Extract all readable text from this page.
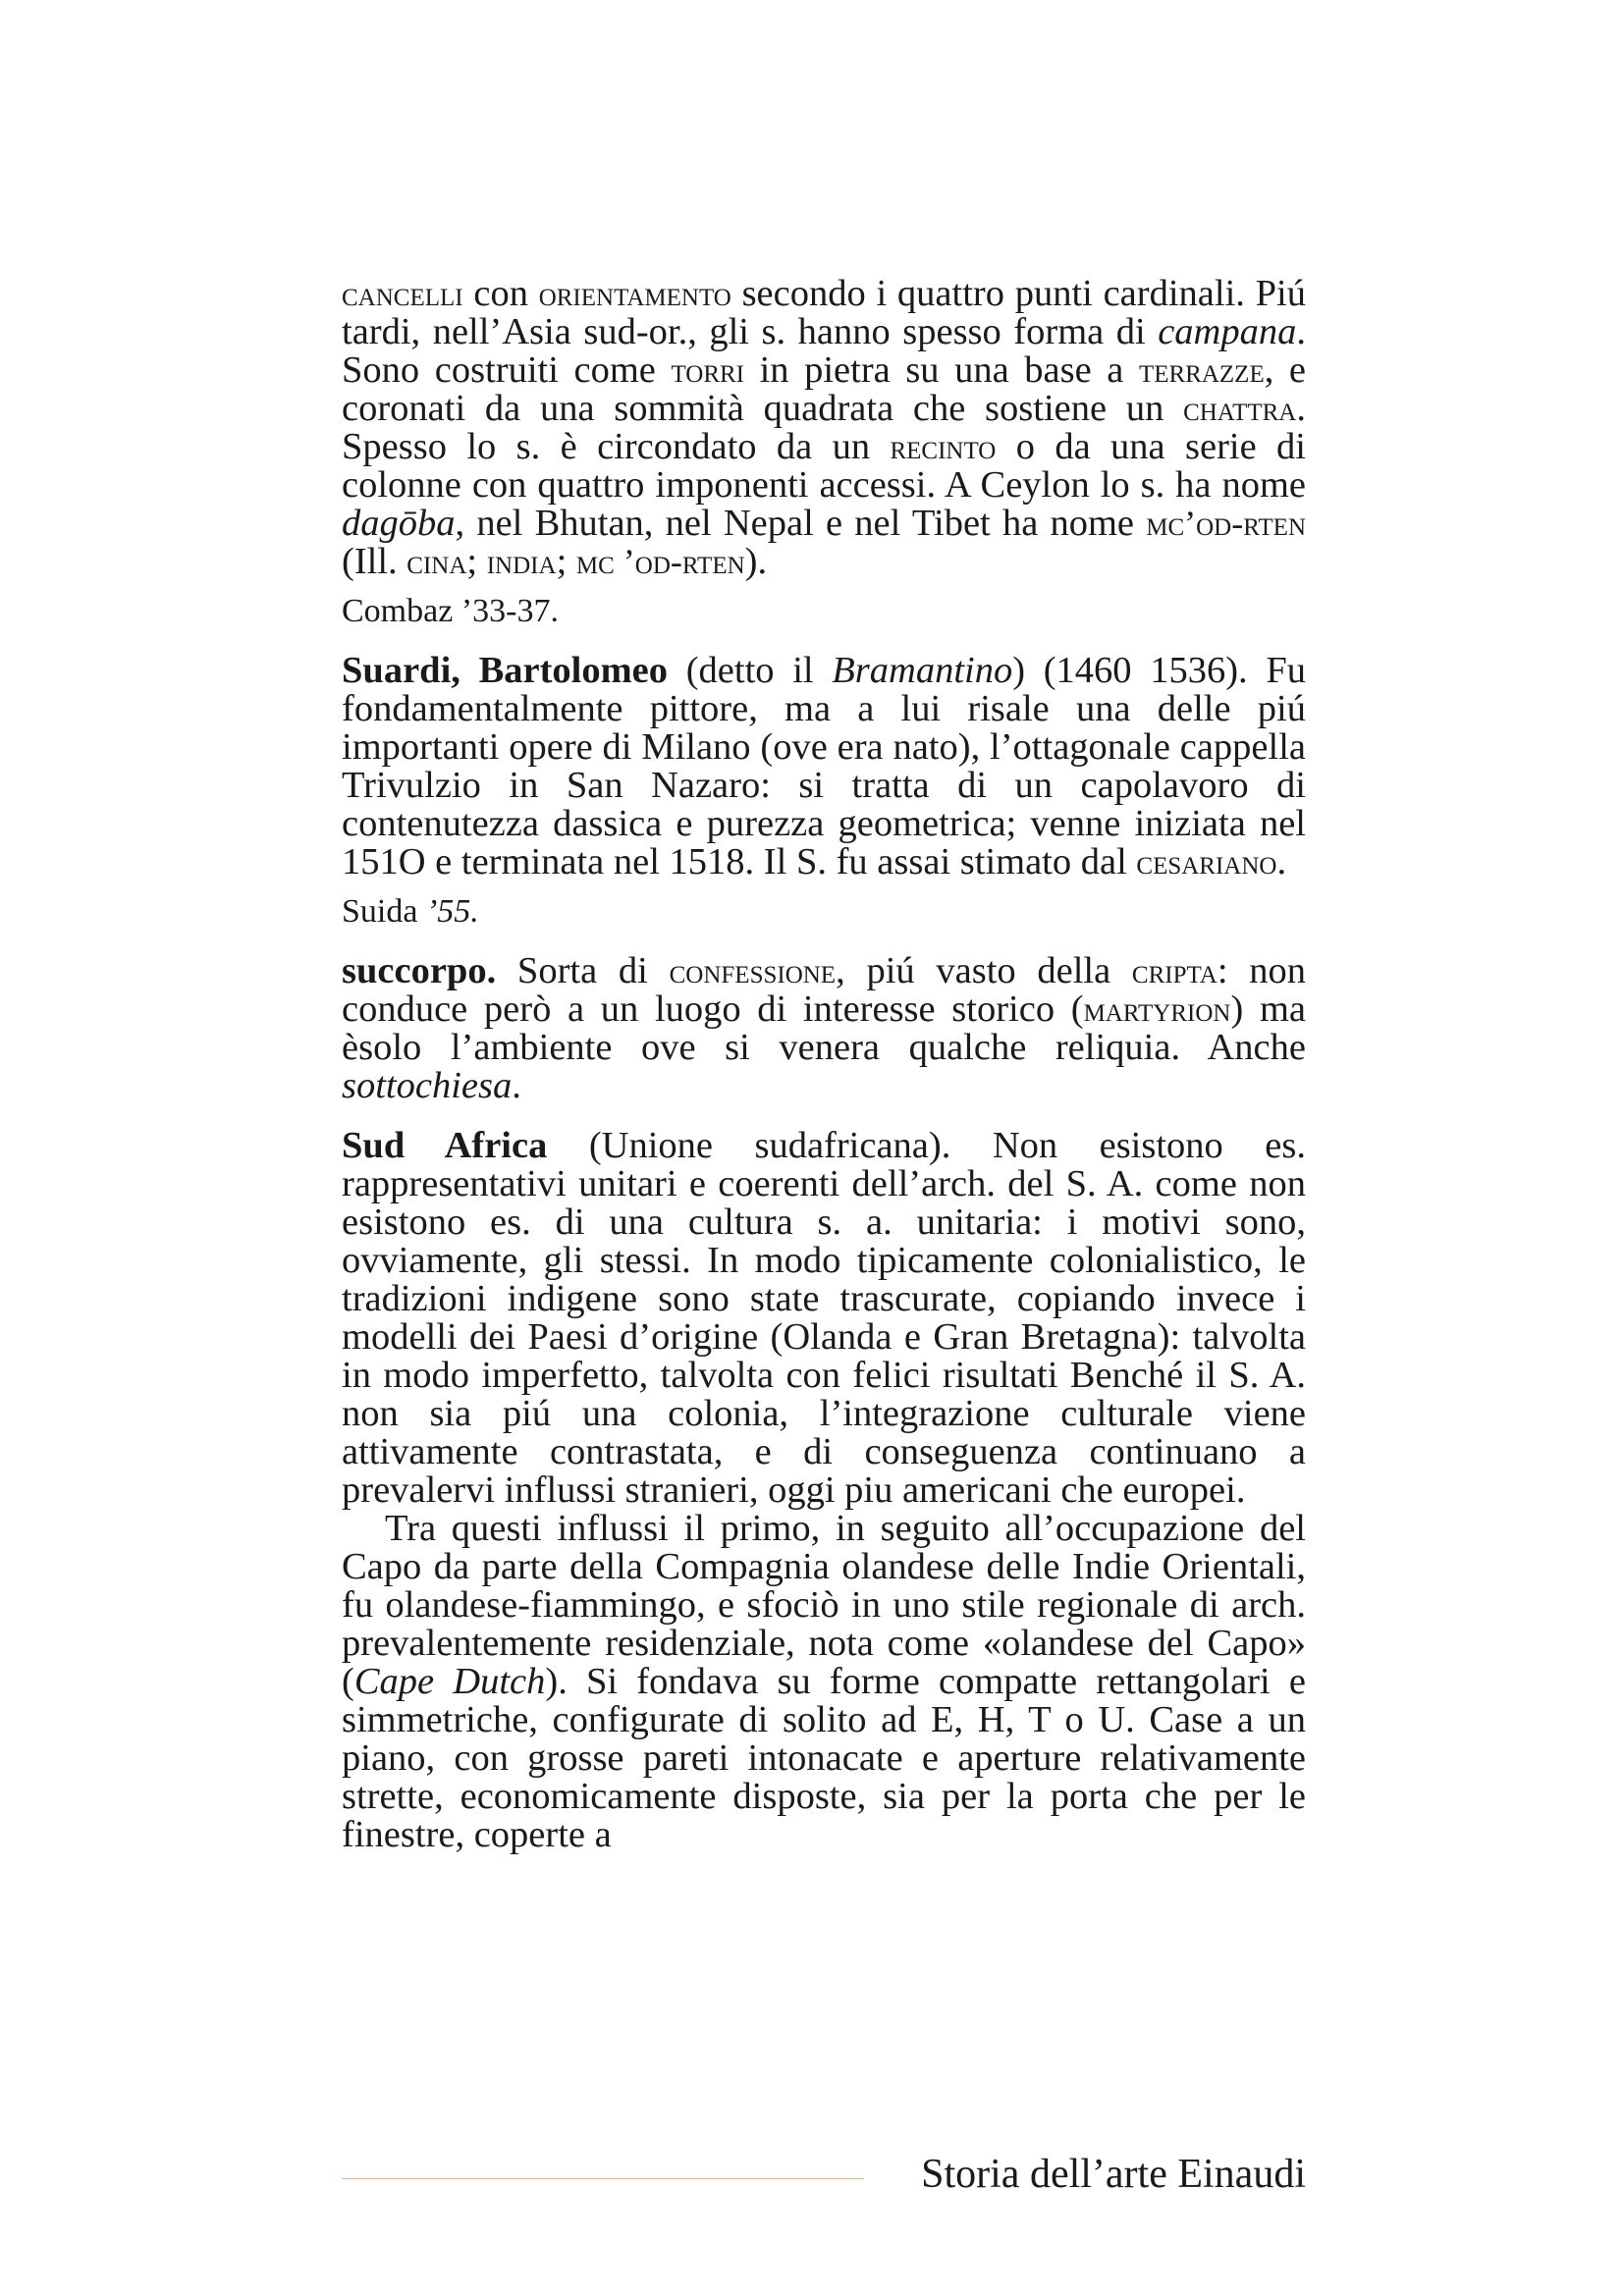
cancelli con orientamento secondo i quattro punti cardinali. Piú tardi, nell’Asia sud-or., gli s. hanno spesso forma di campana. Sono costruiti come torri in pietra su una base a terrazze, e coronati da una sommità quadrata che sostiene un chattra. Spesso lo s. è circondato da un recinto o da una serie di colonne con quattro imponenti accessi. A Ceylon lo s. ha nome dagōba, nel Bhutan, nel Nepal e nel Tibet ha nome mc’od-rten (Ill. cina; india; mc ’od-rten).

Combaz ’33-37.

Suardi, Bartolomeo (detto il Bramantino) (1460 1536). Fu fondamentalmente pittore, ma a lui risale una delle piú importanti opere di Milano (ove era nato), l’ottagonale cappella Trivulzio in San Nazaro: si tratta di un capolavoro di contenutezza dassica e purezza geometrica; venne iniziata nel 151O e terminata nel 1518. Il S. fu assai stimato dal cesariano.

Suida ’55.

succorpo. Sorta di confessione, piú vasto della cripta: non conduce però a un luogo di interesse storico (martyrion) ma èsolo l’ambiente ove si venera qualche reliquia. Anche sottochiesa.

Sud Africa (Unione sudafricana). Non esistono es. rappresentativi unitari e coerenti dell’arch. del S. A. come non esistono es. di una cultura s. a. unitaria: i motivi sono, ovviamente, gli stessi. In modo tipicamente colonialistico, le tradizioni indigene sono state trascurate, copiando invece i modelli dei Paesi d’origine (Olanda e Gran Bretagna): talvolta in modo imperfetto, talvolta con felici risultati Benché il S. A. non sia piú una colonia, l’integrazione culturale viene attivamente contrastata, e di conseguenza continuano a prevalervi influssi stranieri, oggi piu americani che europei.

Tra questi influssi il primo, in seguito all’occupazione del Capo da parte della Compagnia olandese delle Indie Orientali, fu olandese-fiammingo, e sfociò in uno stile regionale di arch. prevalentemente residenziale, nota come «olandese del Capo» (Cape Dutch). Si fondava su forme compatte rettangolari e simmetriche, configurate di solito ad E, H, T o U. Case a un piano, con grosse pareti intonacate e aperture relativamente strette, economicamente disposte, sia per la porta che per le finestre, coperte a

Storia dell’arte Einaudi
